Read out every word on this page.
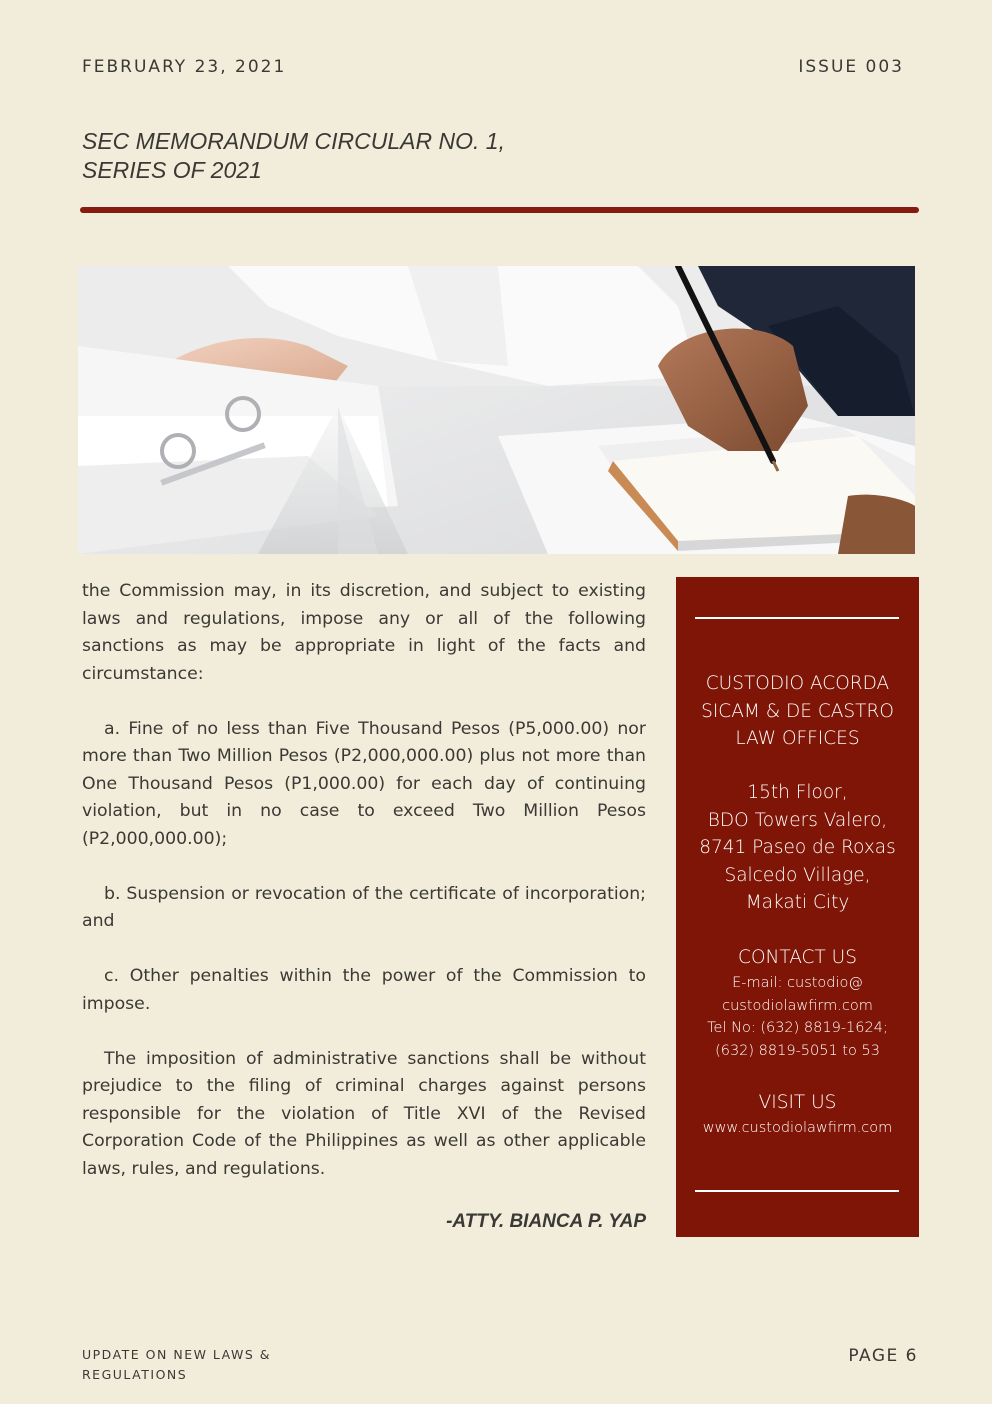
FEBRUARY 23, 2021	ISSUE 003
SEC MEMORANDUM CIRCULAR NO. 1,
SERIES OF 2021

the Commission may, in its discretion, and subject to existing laws and regulations, impose any or all of the following sanctions as may be appropriate in light of the facts and circumstance:

a. Fine of no less than Five Thousand Pesos (P5,000.00) nor more than Two Million Pesos (P2,000,000.00) plus not more than One Thousand Pesos (P1,000.00) for each day of continuing violation, but in no case to exceed Two Million Pesos (P2,000,000.00);

b. Suspension or revocation of the certificate of incorporation; and

c. Other penalties within the power of the Commission to impose.

The imposition of administrative sanctions shall be without prejudice to the filing of criminal charges against persons responsible for the violation of Title XVI of the Revised Corporation Code of the Philippines as well as other applicable laws, rules, and regulations.

-ATTY. BIANCA P. YAP
CUSTODIO ACORDA
SICAM & DE CASTRO
LAW OFFICES
15th Floor,
BDO Towers Valero,
8741 Paseo de Roxas
Salcedo Village,
Makati City
CONTACT US
E-mail: custodio@
custodiolawfirm.com
Tel No: (632) 8819-1624;
(632) 8819-5051 to 53
VISIT US
www.custodiolawfirm.com
UPDATE ON NEW LAWS &
REGULATIONS
PAGE 6
